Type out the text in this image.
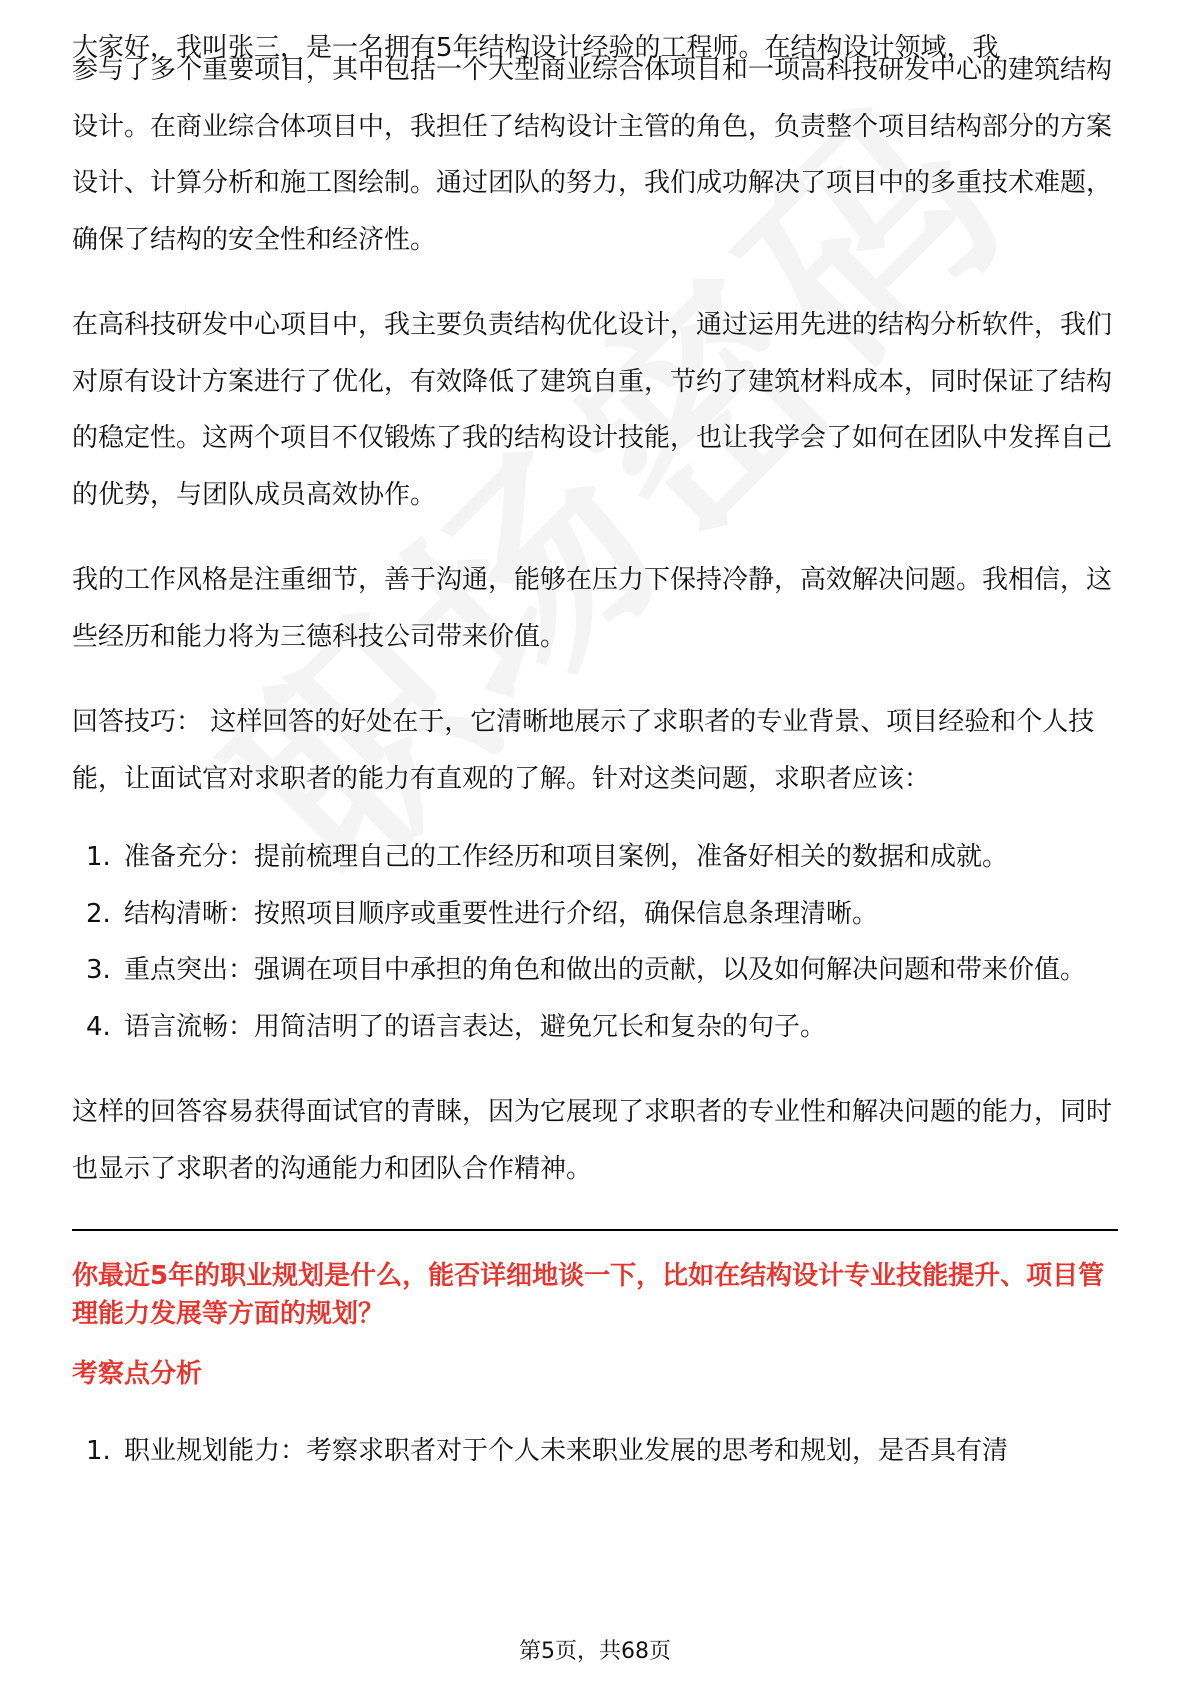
大家好，我叫张三，是一名拥有5年结构设计经验的工程师。在结构设计领域，我

参与了多个重要项目，其中包括一个大型商业综合体项目和一项高科技研发中心的建筑结构设计。在商业综合体项目中，我担任了结构设计主管的角色，负责整个项目结构部分的方案设计、计算分析和施工图绘制。通过团队的努力，我们成功解决了项目中的多重技术难题，确保了结构的安全性和经济性。

在高科技研发中心项目中，我主要负责结构优化设计，通过运用先进的结构分析软件，我们对原有设计方案进行了优化，有效降低了建筑自重，节约了建筑材料成本，同时保证了结构的稳定性。这两个项目不仅锻炼了我的结构设计技能，也让我学会了如何在团队中发挥自己的优势，与团队成员高效协作。

我的工作风格是注重细节，善于沟通，能够在压力下保持冷静，高效解决问题。我相信，这些经历和能力将为三德科技公司带来价值。

回答技巧： 这样回答的好处在于，它清晰地展示了求职者的专业背景、项目经验和个人技能，让面试官对求职者的能力有直观的了解。针对这类问题，求职者应该：

1. 准备充分：提前梳理自己的工作经历和项目案例，准备好相关的数据和成就。
2. 结构清晰：按照项目顺序或重要性进行介绍，确保信息条理清晰。
3. 重点突出：强调在项目中承担的角色和做出的贡献，以及如何解决问题和带来价值。
4. 语言流畅：用简洁明了的语言表达，避免冗长和复杂的句子。

这样的回答容易获得面试官的青睐，因为它展现了求职者的专业性和解决问题的能力，同时也显示了求职者的沟通能力和团队合作精神。

你最近5年的职业规划是什么，能否详细地谈一下，比如在结构设计专业技能提升、项目管理能力发展等方面的规划？
考察点分析
1. 职业规划能力：考察求职者对于个人未来职业发展的思考和规划，是否具有清
第5页，共68页
